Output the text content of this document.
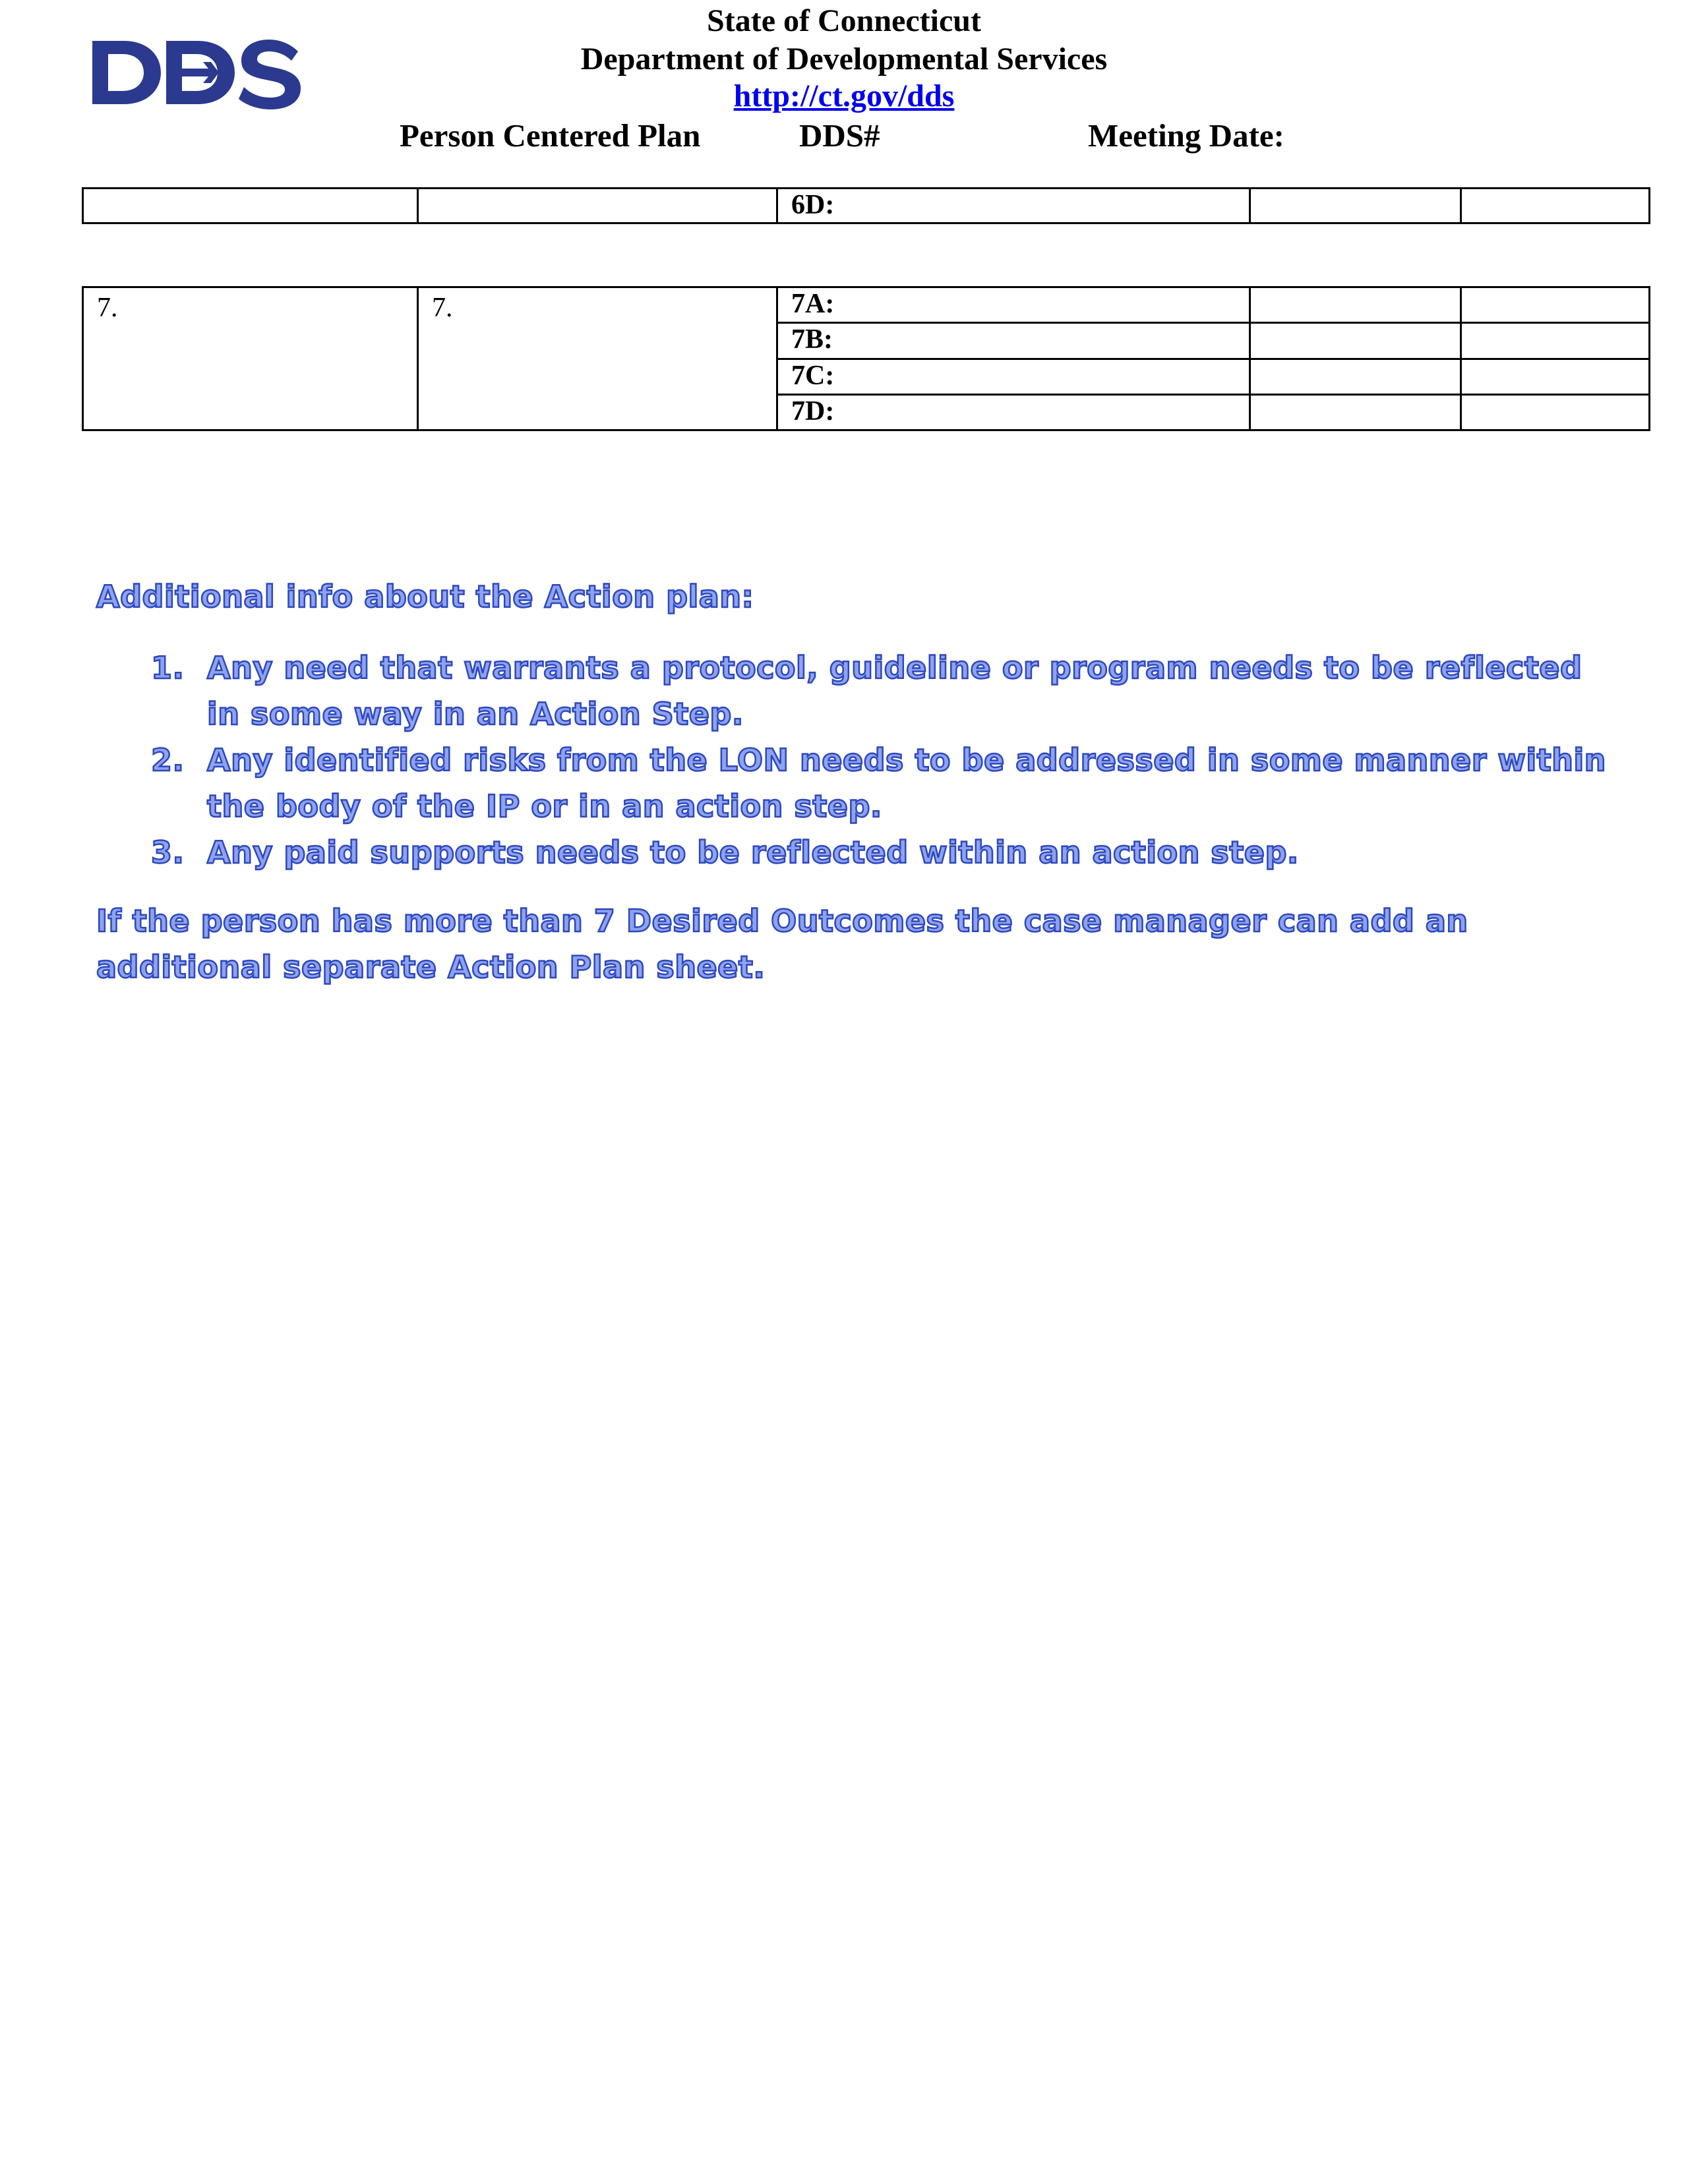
State of Connecticut
Department of Developmental Services
http://ct.gov/dds
Person Centered Plan	DDS#	Meeting Date:
		6D:		
7.	7.	7A:		
		7B:		
		7C:		
		7D:		

Additional info about the Action plan:

1. Any need that warrants a protocol, guideline or program needs to be reflected in some way in an Action Step.
2. Any identified risks from the LON needs to be addressed in some manner within the body of the IP or in an action step.
3. Any paid supports needs to be reflected within an action step.

If the person has more than 7 Desired Outcomes the case manager can add an additional separate Action Plan sheet.
